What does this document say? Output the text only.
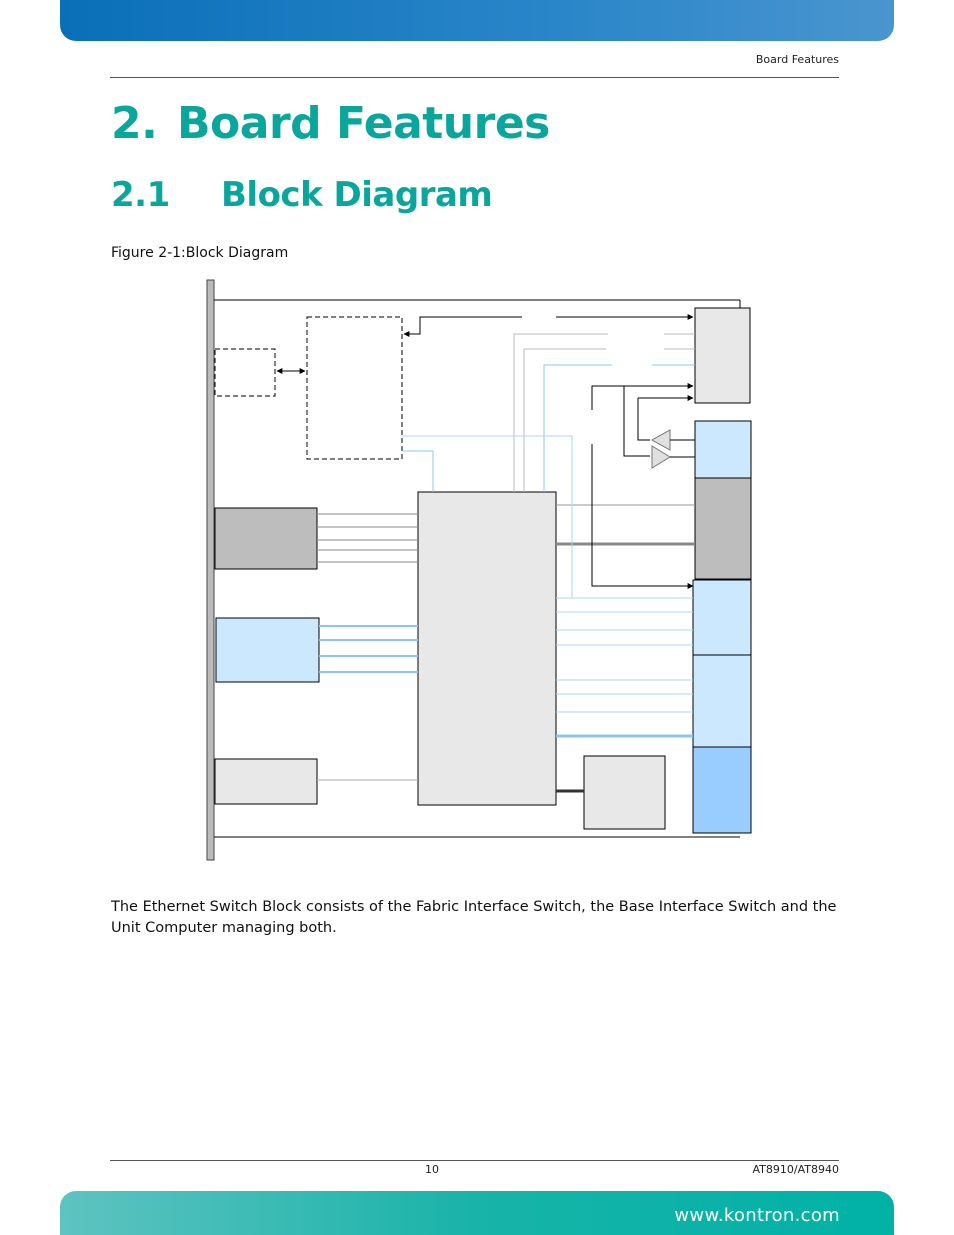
Board Features
2. Board Features
2.1 Block Diagram
Figure 2-1:Block Diagram

The Ethernet Switch Block consists of the Fabric Interface Switch, the Base Interface Switch and the Unit Computer managing both.

10	AT8910/AT8940
www.kontron.com
